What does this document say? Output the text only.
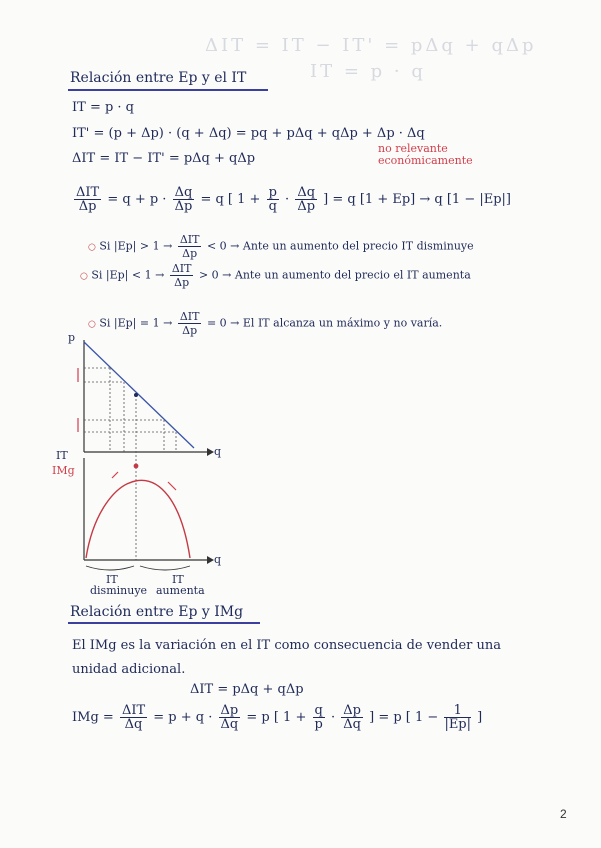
ΔIT = IT − IT' = pΔq + qΔp
IT = p · q
Relación entre Ep y el IT
IT = p · q
IT' = (p + Δp) · (q + Δq) = pq + pΔq + qΔp + Δp · Δq
no relevante económicamente
ΔIT = IT − IT' = pΔq + qΔp
$\frac{\text{ΔIT}}{\Delta p} = q + p \cdot \frac{\Delta q}{\Delta p} = q$ [ $1 + \frac{p}{q} \cdot \frac{\Delta q}{\Delta p}$ ] = q [1 + Ep] → q [1 − |Ep|]
○ Si $|Ep| > 1 \to \frac{\text{ΔIT}}{\Delta p} < 0$ → Ante un aumento del precio IT disminuye
○ Si $|Ep| < 1 \to \frac{\text{ΔIT}}{\Delta p} > 0$ → Ante un aumento del precio el IT aumenta
○ Si $|Ep| = 1 \to \frac{\text{ΔIT}}{\Delta p} = 0 \to El$ IT alcanza un máximo y no varía.
p
q
IT
IMg
q
IT
disminuye
IT
aumenta
Relación entre Ep y IMg
El IMg es la variación en el IT como consecuencia de vender una unidad adicional.
ΔIT = pΔq + qΔp
IMg = $\frac{\text{ΔIT}}{\Delta q} = p + q \cdot \frac{\Delta p}{\Delta q} = p$ [ $1 + \frac{q}{p} \cdot \frac{\Delta p}{\Delta q}$ ] = p [ $1 - \frac{1}{|Ep|}$ ]
2
